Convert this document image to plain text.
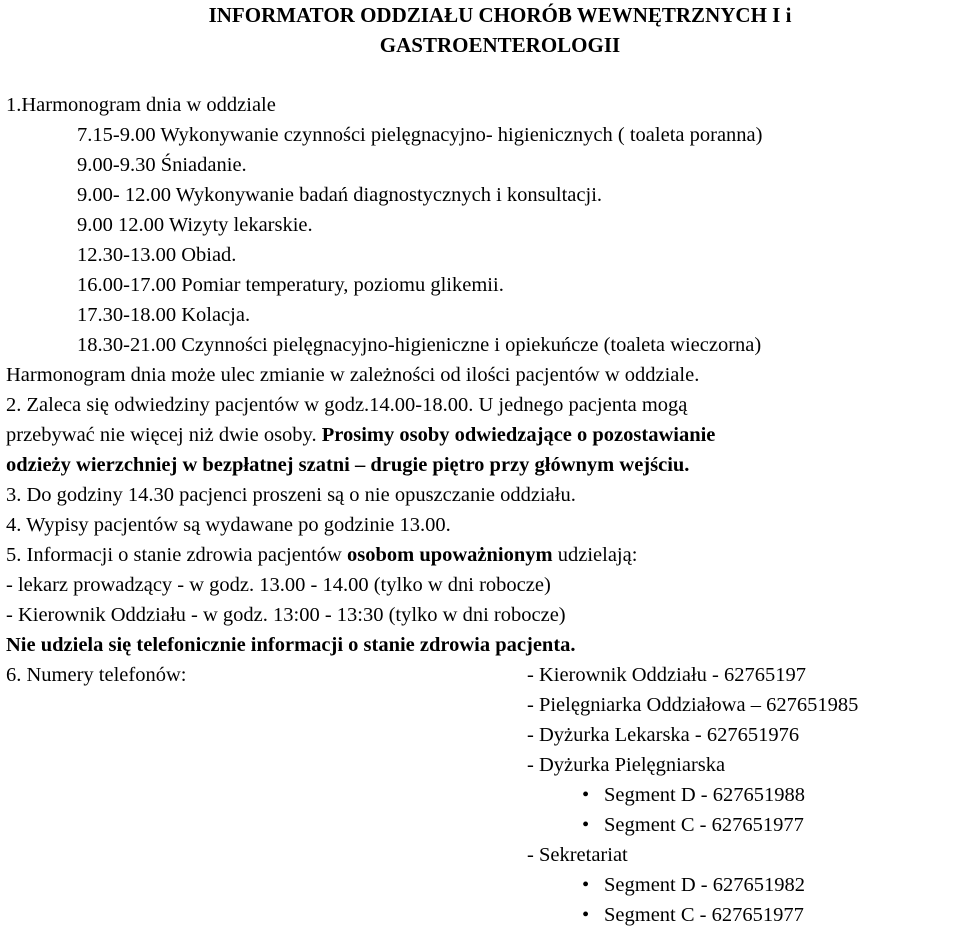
INFORMATOR ODDZIAŁU CHORÓB WEWNĘTRZNYCH I i
GASTROENTEROLOGII
1.Harmonogram dnia w oddziale
7.15-9.00 Wykonywanie czynności pielęgnacyjno- higienicznych ( toaleta poranna)
9.00-9.30 Śniadanie.
9.00- 12.00 Wykonywanie badań diagnostycznych i konsultacji.
9.00 12.00 Wizyty lekarskie.
12.30-13.00 Obiad.
16.00-17.00 Pomiar temperatury, poziomu glikemii.
17.30-18.00 Kolacja.
18.30-21.00 Czynności pielęgnacyjno-higieniczne i opiekuńcze (toaleta wieczorna)
Harmonogram dnia może ulec zmianie w zależności od ilości pacjentów w oddziale.
2. Zaleca się odwiedziny pacjentów w godz.14.00-18.00. U jednego pacjenta mogą
przebywać nie więcej niż dwie osoby. Prosimy osoby odwiedzające o pozostawianie
odzieży wierzchniej w bezpłatnej szatni – drugie piętro przy głównym wejściu.
3. Do godziny 14.30 pacjenci proszeni są o nie opuszczanie oddziału.
4. Wypisy pacjentów są wydawane po godzinie 13.00.
5. Informacji o stanie zdrowia pacjentów osobom upoważnionym udzielają:
- lekarz prowadzący - w godz. 13.00 - 14.00 (tylko w dni robocze)
- Kierownik Oddziału - w godz. 13:00 - 13:30 (tylko w dni robocze)
Nie udziela się telefonicznie informacji o stanie zdrowia pacjenta.
6. Numery telefonów:	- Kierownik Oddziału - 62765197
- Pielęgniarka Oddziałowa – 627651985
- Dyżurka Lekarska - 627651976
- Dyżurka Pielęgniarska
• Segment D - 627651988
• Segment C - 627651977
- Sekretariat
• Segment D - 627651982
• Segment C - 627651977
